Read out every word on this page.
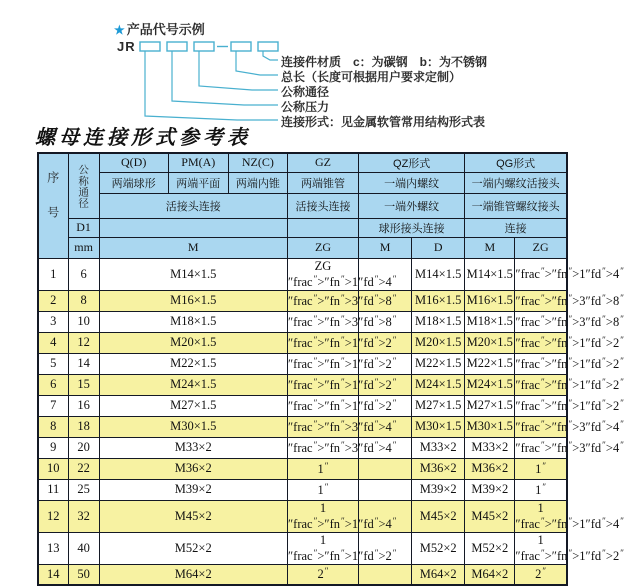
★ 产品代号示例
JR
连接件材质　c：为碳钢　b：为不锈钢
总长（长度可根据用户要求定制）
公称通径
公称压力
连接形式：见金属软管常用结构形式表
螺母连接形式参考表
序号	公称通径	Q(D)	PM(A)	NZ(C)	GZ	QZ形式		QG形式	
		两端球形	两端平面	两端内锥	两端锥管	一端内螺纹		一端内螺纹活接头	
		活接头连接			活接头连接	一端外螺纹		一端锥管螺纹接头	
	D1					球形接头连接		连接	
	mm	M			ZG	M	D	M	ZG
1	6	M14×1.5			ZG ″frac″>″fn″>1″ ″ ″		M14×1.5	M14×1.5	″frac″>″fn″>1″fd″>4″
2	8	M16×1.5			″frac″>″fn″>3″ ″ ″		M16×1.5	M16×1.5	″frac″>″fn″>3″fd″>8″
3	10	M18×1.5			″frac″>″fn″>3″ ″ ″		M18×1.5	M18×1.5	″frac″>″fn″>3″fd″>8″
4	12	M20×1.5			″frac″>″fn″>1″ ″ ″		M20×1.5	M20×1.5	″frac″>″fn″>1″fd″>2″
5	14	M22×1.5			″frac″>″fn″>1″ ″ ″		M22×1.5	M22×1.5	″frac″>″fn″>1″fd″>2″
6	15	M24×1.5			″frac″>″fn″>1″ ″ ″		M24×1.5	M24×1.5	″frac″>″fn″>1″fd″>2″
7	16	M27×1.5			″frac″>″fn″>1″ ″ ″		M27×1.5	M27×1.5	″frac″>″fn″>1″fd″>2″
8	18	M30×1.5			″frac″>″fn″>3″ ″ ″		M30×1.5	M30×1.5	″frac″>″fn″>3″fd″>4″
9	20	M33×2			″frac″>″fn″>3″ ″ ″		M33×2	M33×2	″frac″>″fn″>3″fd″>4″
10	22	M36×2			1″		M36×2	M36×2	1″
11	25	M39×2			1″		M39×2	M39×2	1″
12	32	M45×2			1 ″frac″>″fn″>1″ ″ ″		M45×2	M45×2	1 ″frac″>″fn″>1″fd″>4″
13	40	M52×2			1 ″frac″>″fn″>1″ ″ ″		M52×2	M52×2	1 ″frac″>″fn″>1″fd″>2″
14	50	M64×2			2″		M64×2	M64×2	2″
